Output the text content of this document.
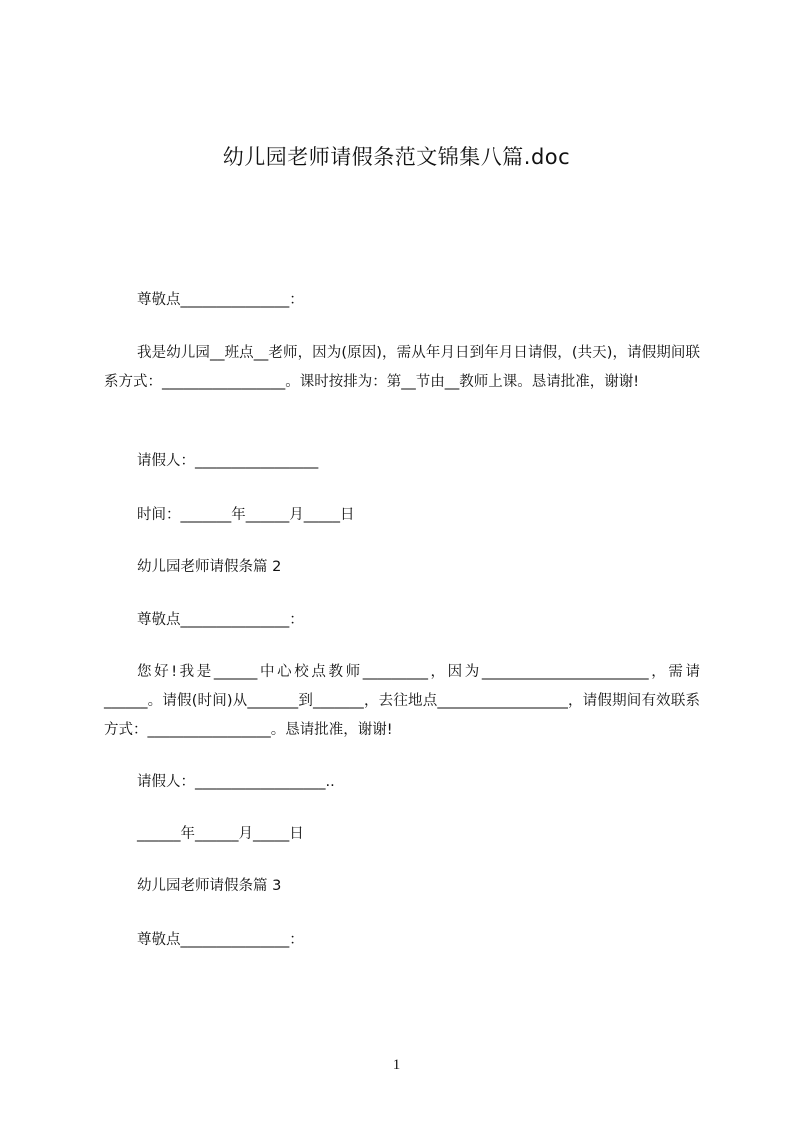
幼儿园老师请假条范文锦集八篇.doc
尊敬点_______________：
我是幼儿园__班点__老师，因为(原因)，需从年月日到年月日请假，(共天)，请假期间联系方式：_________________。课时按排为：第__节由__教师上课。恳请批准，谢谢!
请假人：_________________
时间：_______年______月_____日
幼儿园老师请假条篇 2
尊敬点_______________：
您好!我是______中心校点教师_________，因为_______________________，需请______。请假(时间)从_______到_______，去往地点__________________，请假期间有效联系方式：_________________。恳请批准，谢谢!
请假人：__________________..
______年______月_____日
幼儿园老师请假条篇 3
尊敬点_______________：
1
